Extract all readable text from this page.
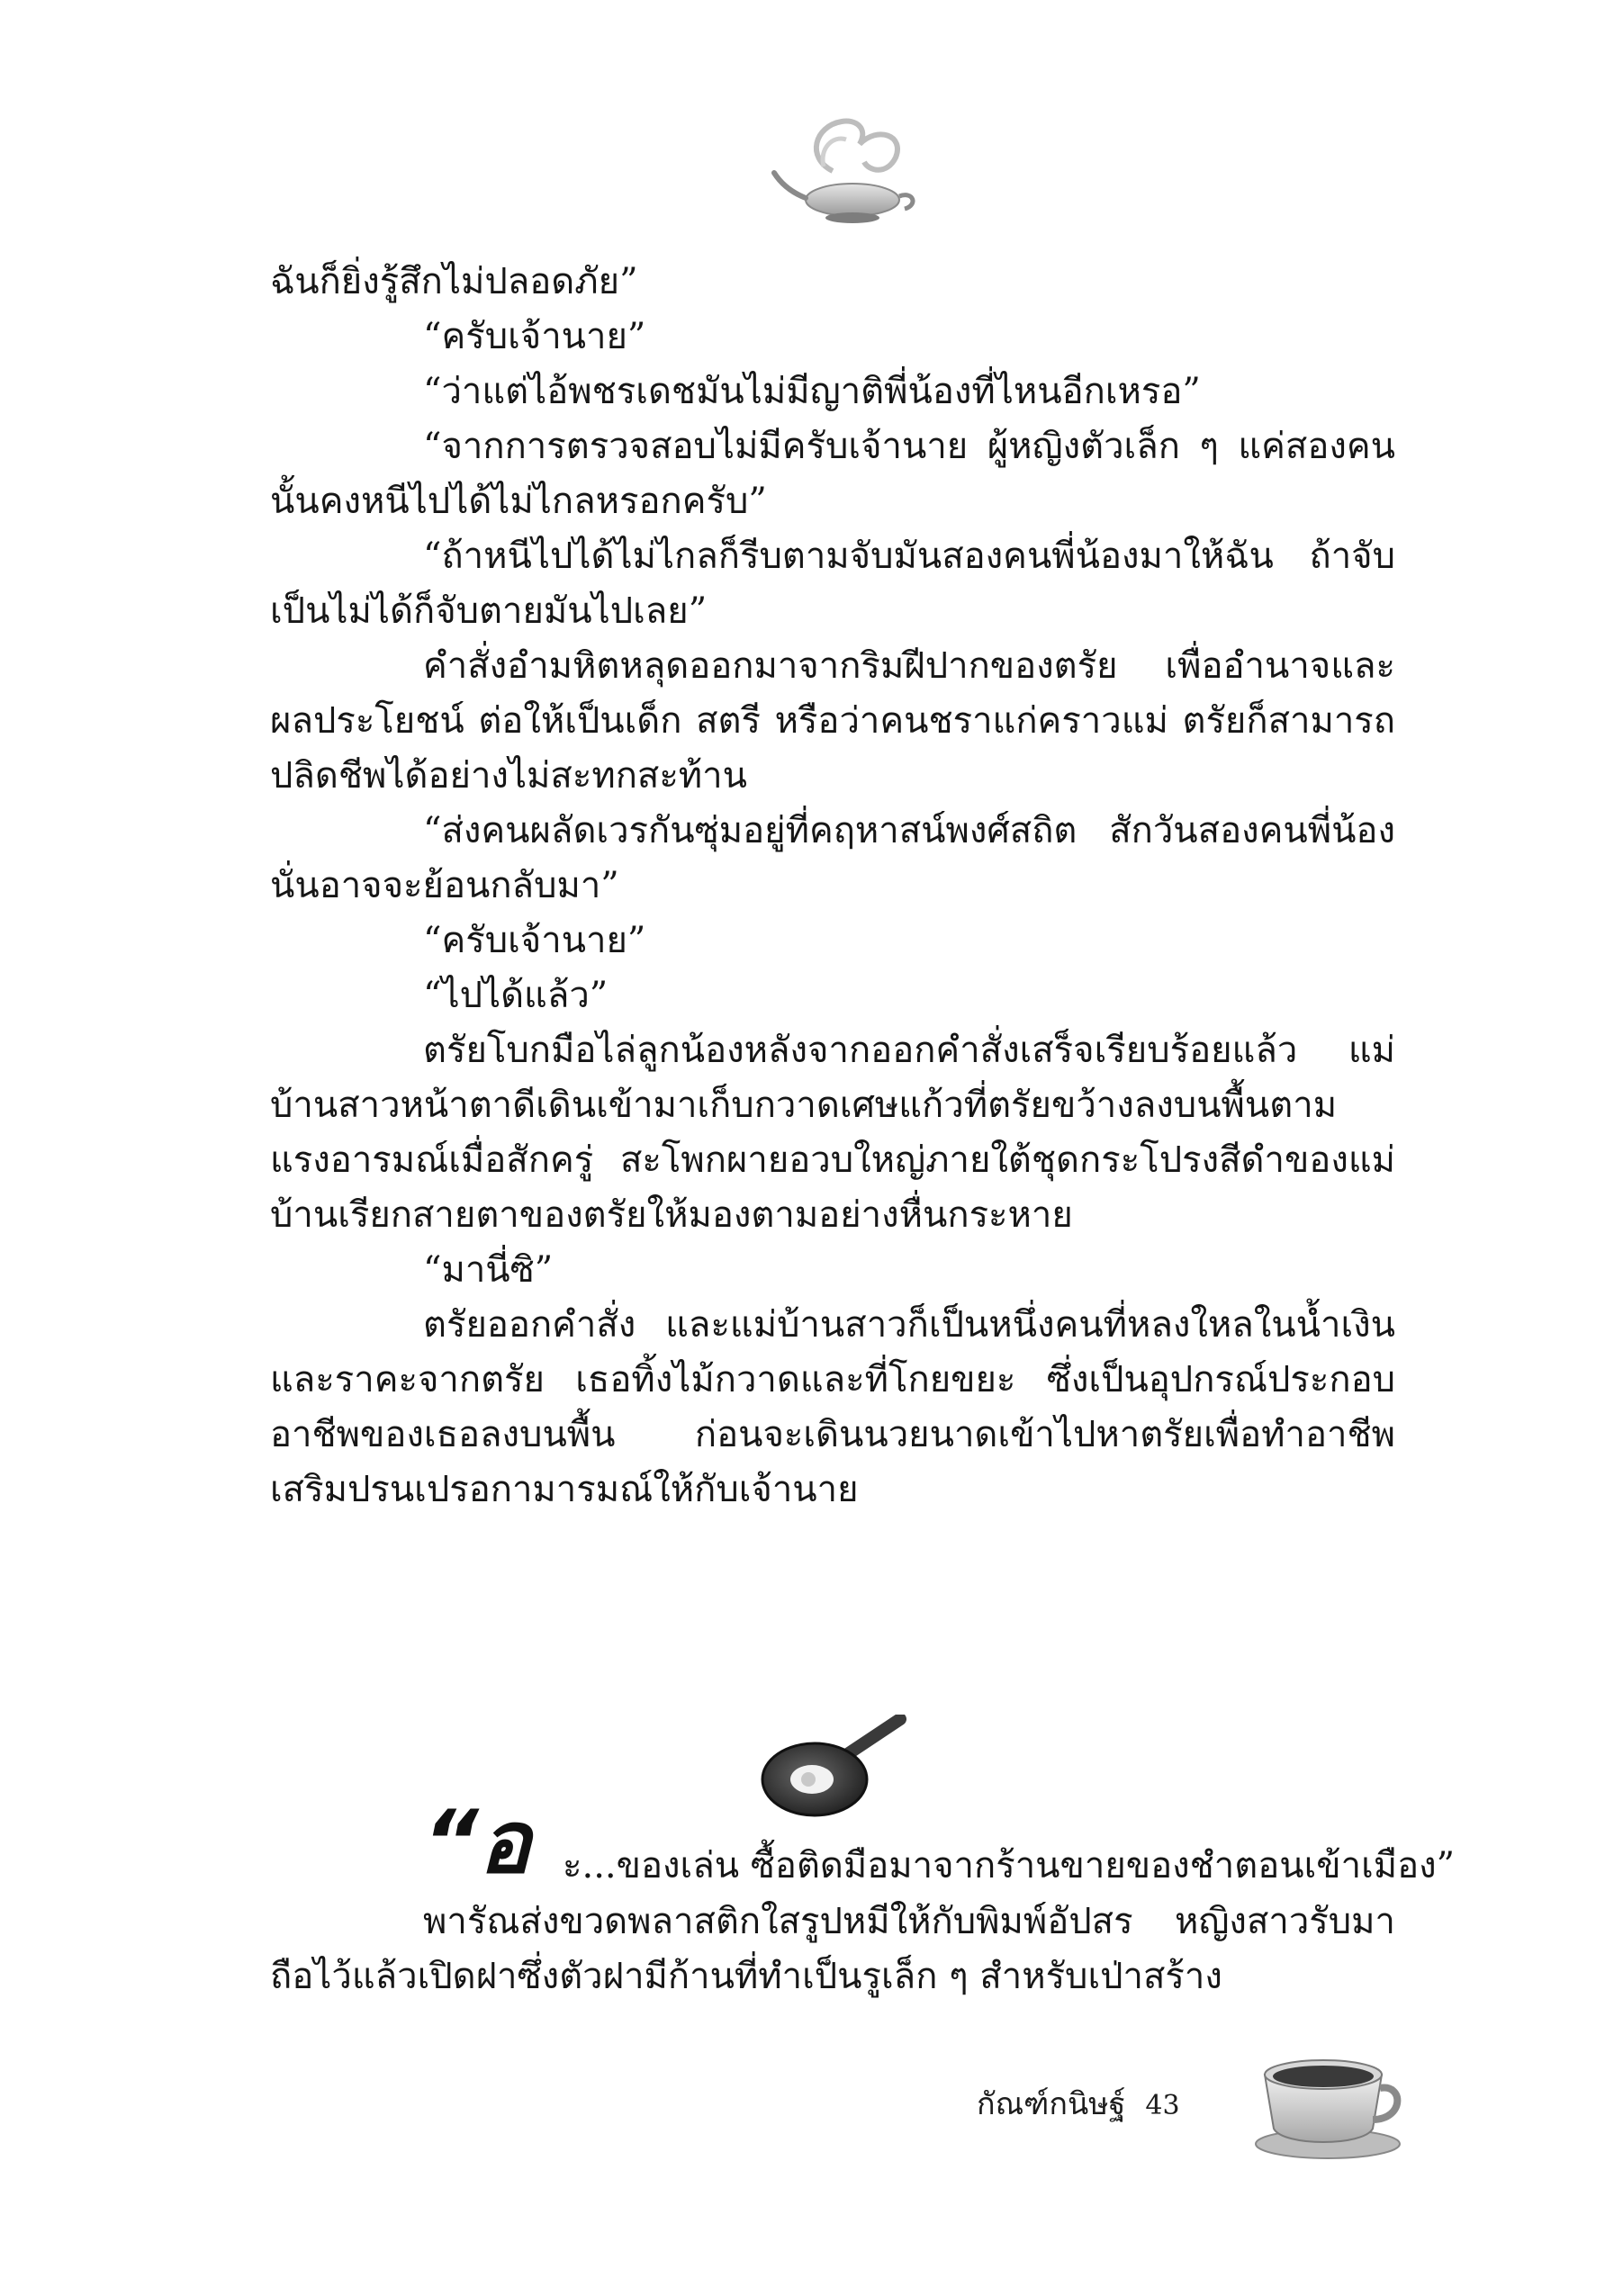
ฉันก็ยิ่งรู้สึกไม่ปลอดภัย”

“ครับเจ้านาย”

“ว่าแต่ไอ้พชรเดชมันไม่มีญาติพี่น้องที่ไหนอีกเหรอ”

“จากการตรวจสอบไม่มีครับเจ้านาย ผู้หญิงตัวเล็ก ๆ แค่สองคนนั้นคงหนีไปได้ไม่ไกลหรอกครับ”

“ถ้าหนีไปได้ไม่ไกลก็รีบตามจับมันสองคนพี่น้องมาให้ฉัน ถ้าจับเป็นไม่ได้ก็จับตายมันไปเลย”

คำสั่งอำมหิตหลุดออกมาจากริมฝีปากของตรัย เพื่ออำนาจและผลประโยชน์ ต่อให้เป็นเด็ก สตรี หรือว่าคนชราแก่คราวแม่ ตรัยก็สามารถปลิดชีพได้อย่างไม่สะทกสะท้าน

“ส่งคนผลัดเวรกันซุ่มอยู่ที่คฤหาสน์พงศ์สถิต สักวันสองคนพี่น้องนั่นอาจจะย้อนกลับมา”

“ครับเจ้านาย”

“ไปได้แล้ว”

ตรัยโบกมือไล่ลูกน้องหลังจากออกคำสั่งเสร็จเรียบร้อยแล้ว แม่บ้านสาวหน้าตาดีเดินเข้ามาเก็บกวาดเศษแก้วที่ตรัยขว้างลงบนพื้นตามแรงอารมณ์เมื่อสักครู่ สะโพกผายอวบใหญ่ภายใต้ชุดกระโปรงสีดำของแม่บ้านเรียกสายตาของตรัยให้มองตามอย่างหื่นกระหาย

“มานี่ซิ”

ตรัยออกคำสั่ง และแม่บ้านสาวก็เป็นหนึ่งคนที่หลงใหลในน้ำเงินและราคะจากตรัย เธอทิ้งไม้กวาดและที่โกยขยะ ซึ่งเป็นอุปกรณ์ประกอบอาชีพของเธอลงบนพื้น ก่อนจะเดินนวยนาดเข้าไปหาตรัยเพื่อทำอาชีพเสริมปรนเปรอกามารมณ์ให้กับเจ้านาย

“อ ะ...ของเล่น ซื้อติดมือมาจากร้านขายของชำตอนเข้าเมือง”

พารัณส่งขวดพลาสติกใสรูปหมีให้กับพิมพ์อัปสร หญิงสาวรับมาถือไว้แล้วเปิดฝาซึ่งตัวฝามีก้านที่ทำเป็นรูเล็ก ๆ สำหรับเป่าสร้าง

กัณฑ์กนิษฐ์ 43
